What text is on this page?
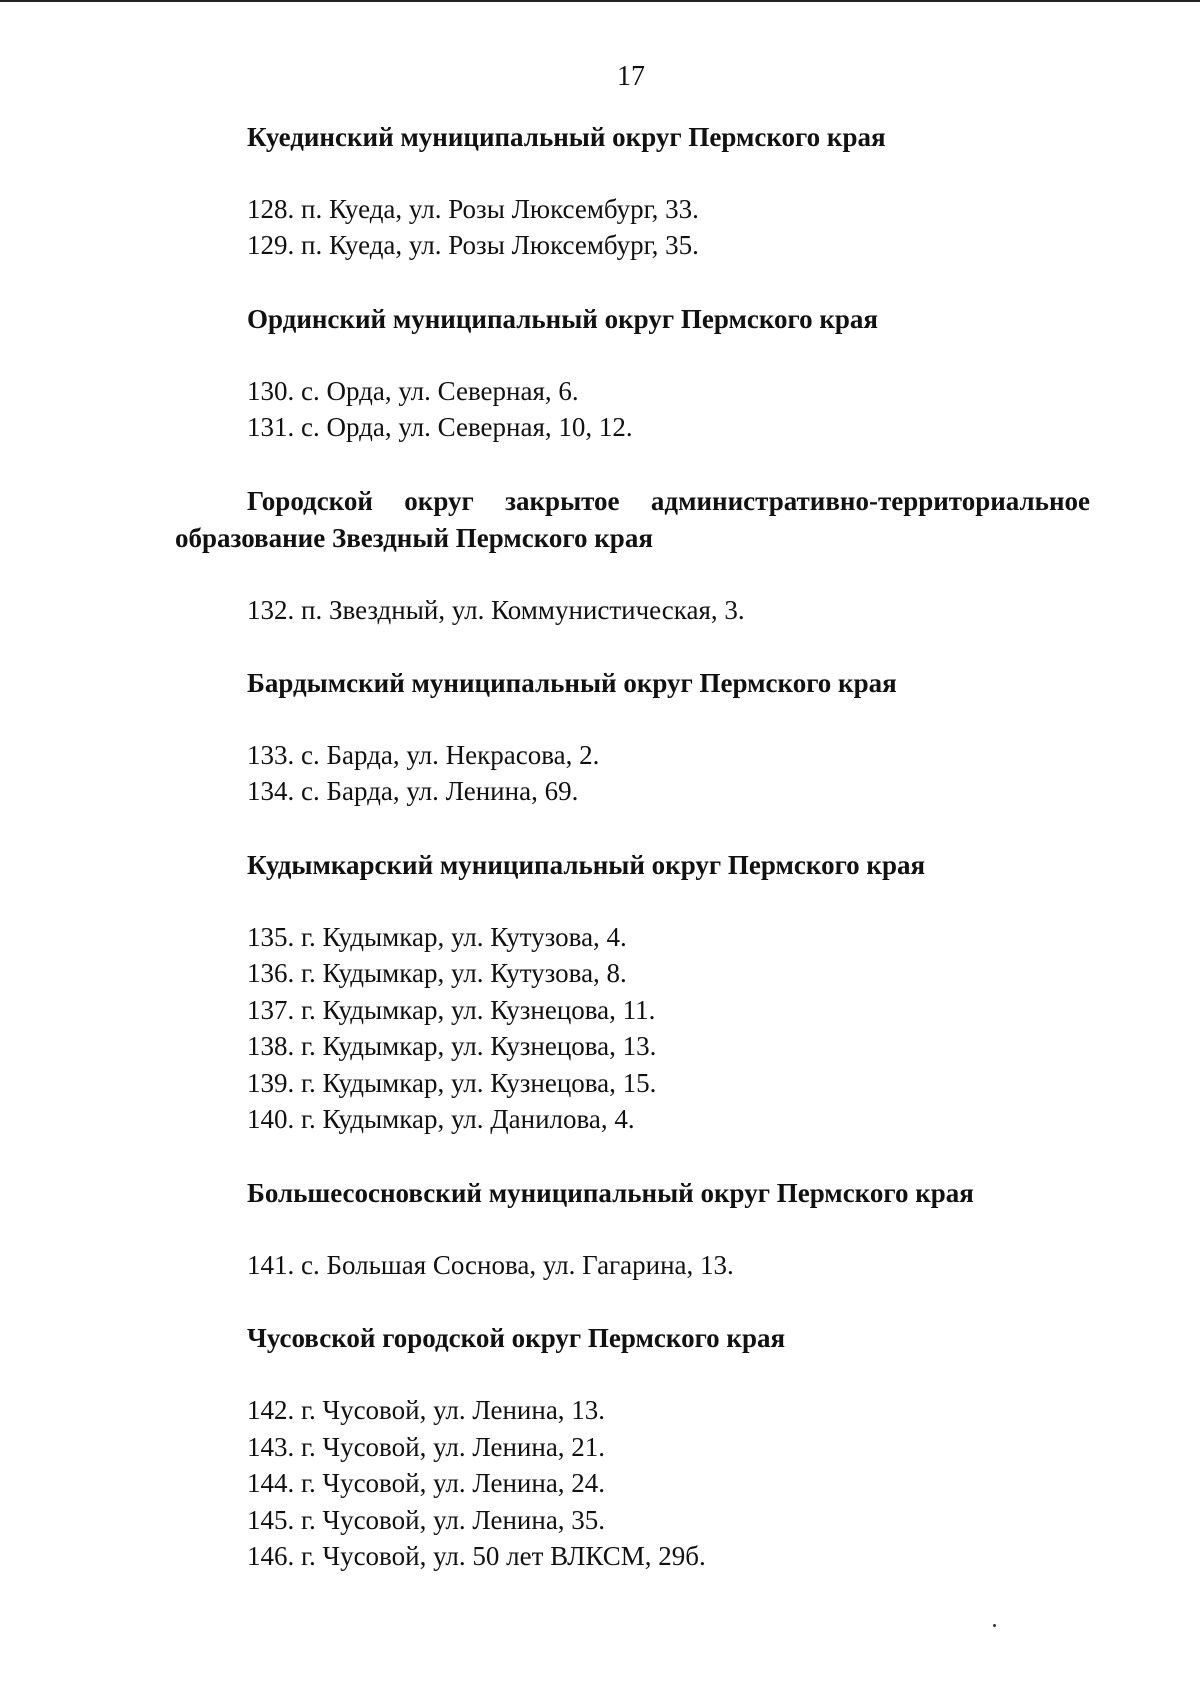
17
Куединский муниципальный округ Пермского края
128. п. Куеда, ул. Розы Люксембург, 33.
129. п. Куеда, ул. Розы Люксембург, 35.
Ординский муниципальный округ Пермского края
130. с. Орда, ул. Северная, 6.
131. с. Орда, ул. Северная, 10, 12.
Городской округ закрытое административно-территориальное
образование Звездный Пермского края
132. п. Звездный, ул. Коммунистическая, 3.
Бардымский муниципальный округ Пермского края
133. с. Барда, ул. Некрасова, 2.
134. с. Барда, ул. Ленина, 69.
Кудымкарский муниципальный округ Пермского края
135. г. Кудымкар, ул. Кутузова, 4.
136. г. Кудымкар, ул. Кутузова, 8.
137. г. Кудымкар, ул. Кузнецова, 11.
138. г. Кудымкар, ул. Кузнецова, 13.
139. г. Кудымкар, ул. Кузнецова, 15.
140. г. Кудымкар, ул. Данилова, 4.
Большесосновский муниципальный округ Пермского края
141. с. Большая Соснова, ул. Гагарина, 13.
Чусовской городской округ Пермского края
142. г. Чусовой, ул. Ленина, 13.
143. г. Чусовой, ул. Ленина, 21.
144. г. Чусовой, ул. Ленина, 24.
145. г. Чусовой, ул. Ленина, 35.
146. г. Чусовой, ул. 50 лет ВЛКСМ, 29б.
